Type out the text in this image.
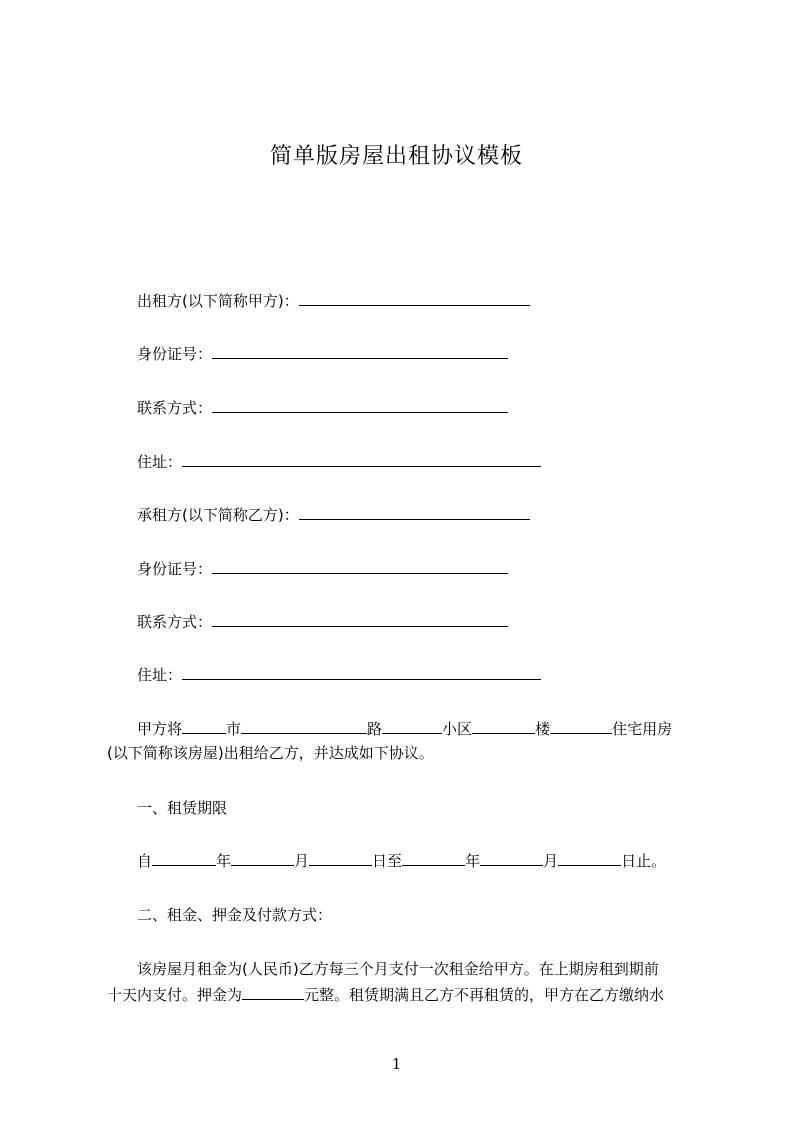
简单版房屋出租协议模板
出租方(以下简称甲方)：
身份证号：
联系方式：
住址：
承租方(以下简称乙方)：
身份证号：
联系方式：
住址：
甲方将	市	路	小区	楼	住宅用房
(以下简称该房屋)出租给乙方，并达成如下协议。
一、租赁期限
自	年	月	日至	年	月	日止。
二、租金、押金及付款方式：
该房屋月租金为(人民币)乙方每三个月支付一次租金给甲方。在上期房租到期前
十天内支付。押金为	元整。租赁期满且乙方不再租赁的，甲方在乙方缴纳水
1
